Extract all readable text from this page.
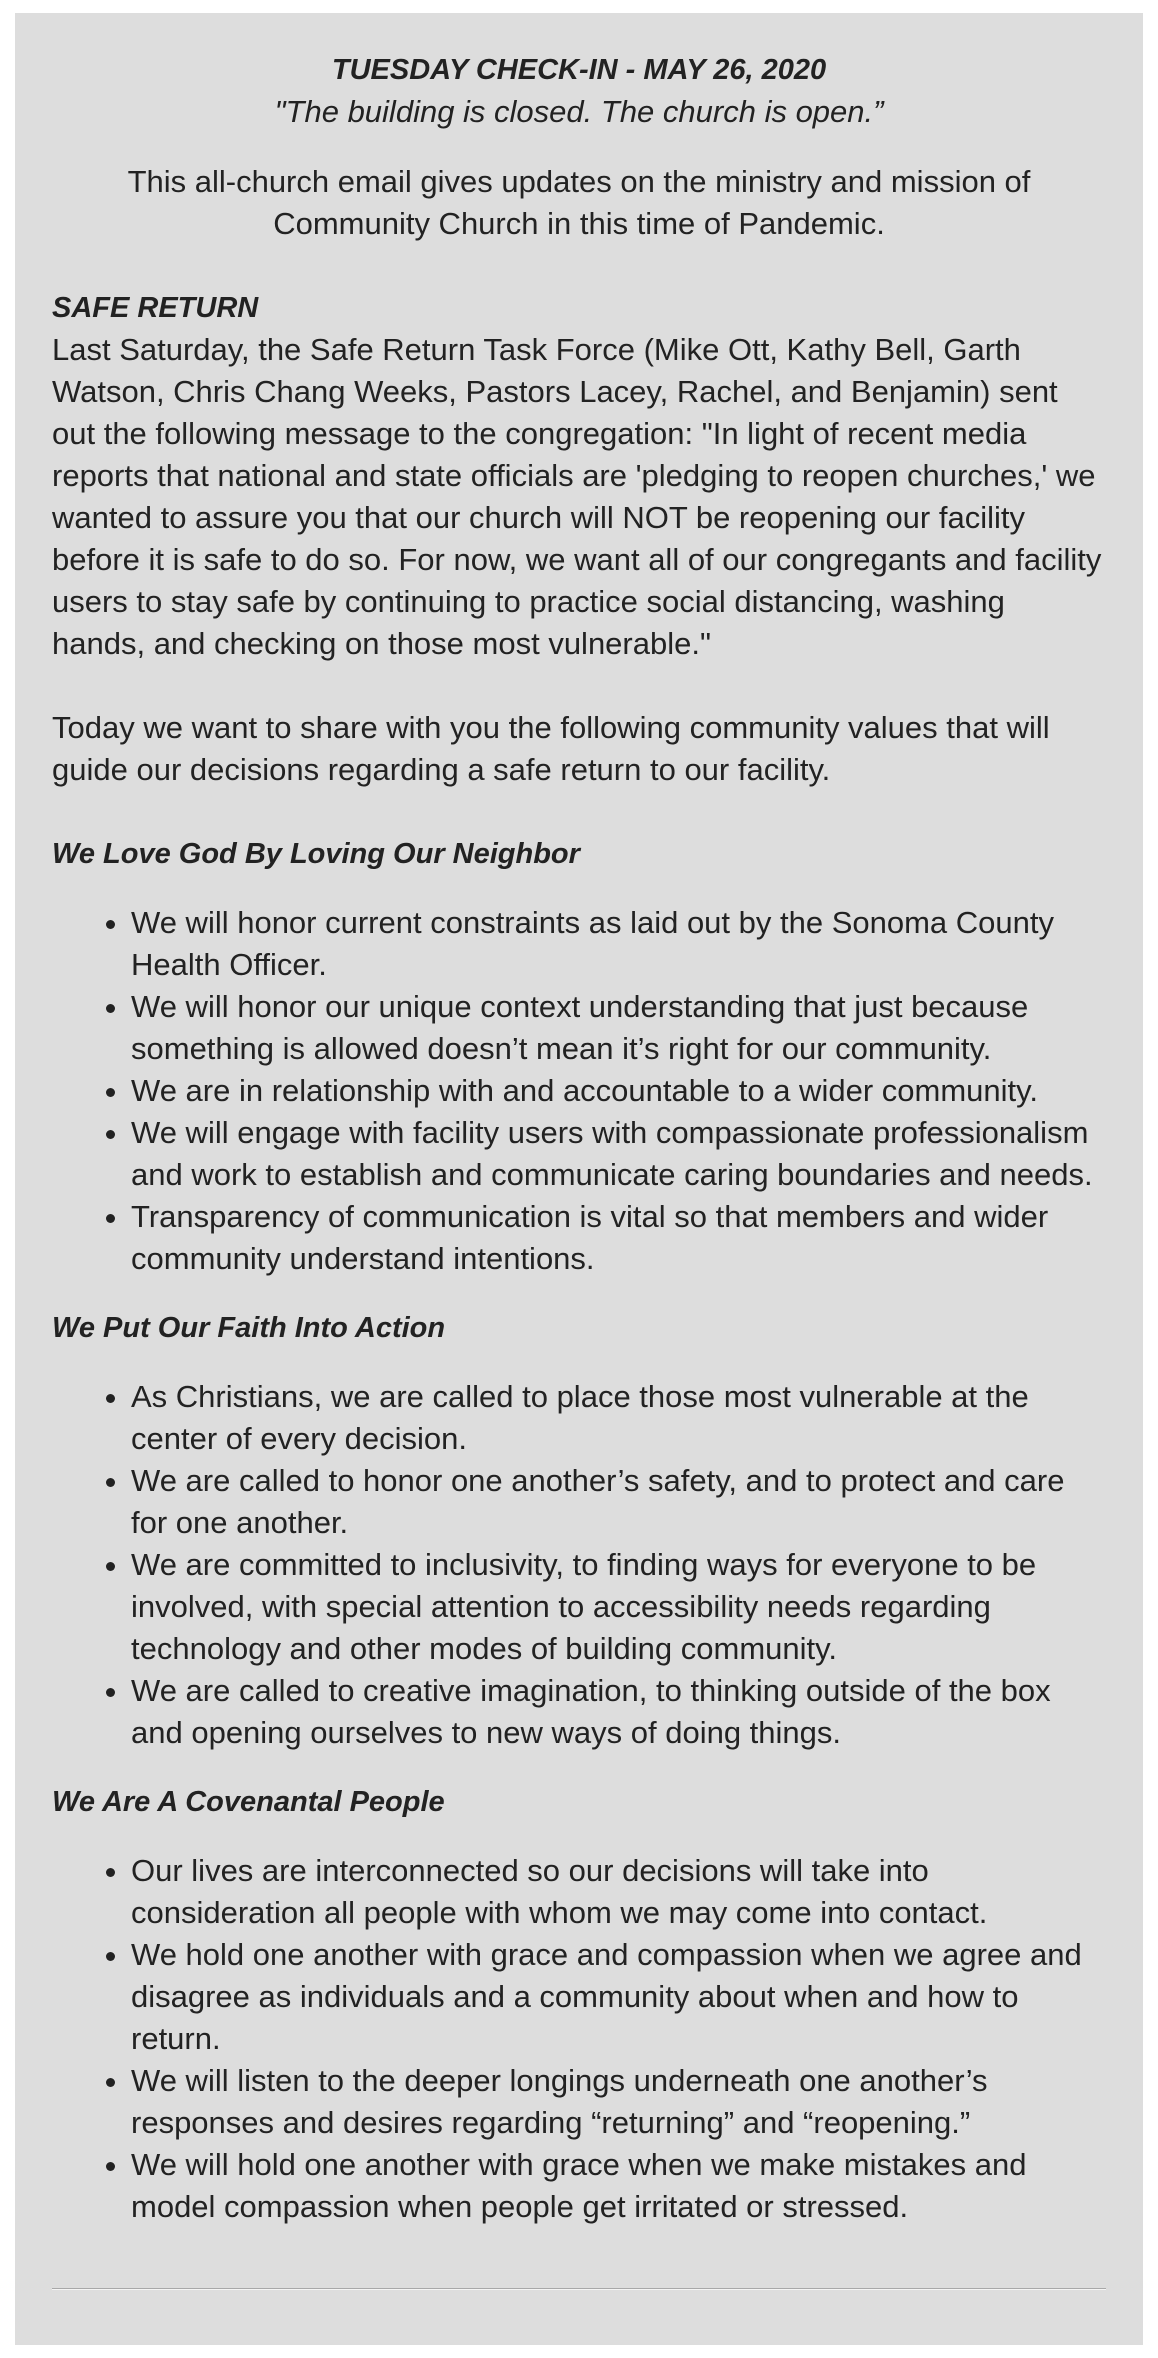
TUESDAY CHECK-IN - MAY 26, 2020

"The building is closed. The church is open.”

This all-church email gives updates on the ministry and mission of Community Church in this time of Pandemic.

SAFE RETURN

Last Saturday, the Safe Return Task Force (Mike Ott, Kathy Bell, Garth Watson, Chris Chang Weeks, Pastors Lacey, Rachel, and Benjamin) sent out the following message to the congregation: "In light of recent media reports that national and state officials are 'pledging to reopen churches,' we wanted to assure you that our church will NOT be reopening our facility before it is safe to do so. For now, we want all of our congregants and facility users to stay safe by continuing to practice social distancing, washing hands, and checking on those most vulnerable."

Today we want to share with you the following community values that will guide our decisions regarding a safe return to our facility.

We Love God By Loving Our Neighbor

• We will honor current constraints as laid out by the Sonoma County Health Officer.
• We will honor our unique context understanding that just because something is allowed doesn’t mean it’s right for our community.
• We are in relationship with and accountable to a wider community.
• We will engage with facility users with compassionate professionalism and work to establish and communicate caring boundaries and needs.
• Transparency of communication is vital so that members and wider community understand intentions.

We Put Our Faith Into Action

• As Christians, we are called to place those most vulnerable at the center of every decision.
• We are called to honor one another’s safety, and to protect and care for one another.
• We are committed to inclusivity, to finding ways for everyone to be involved, with special attention to accessibility needs regarding technology and other modes of building community.
• We are called to creative imagination, to thinking outside of the box and opening ourselves to new ways of doing things.

We Are A Covenantal People

• Our lives are interconnected so our decisions will take into consideration all people with whom we may come into contact.
• We hold one another with grace and compassion when we agree and disagree as individuals and a community about when and how to return.
• We will listen to the deeper longings underneath one another’s responses and desires regarding “returning” and “reopening.”
• We will hold one another with grace when we make mistakes and model compassion when people get irritated or stressed.
